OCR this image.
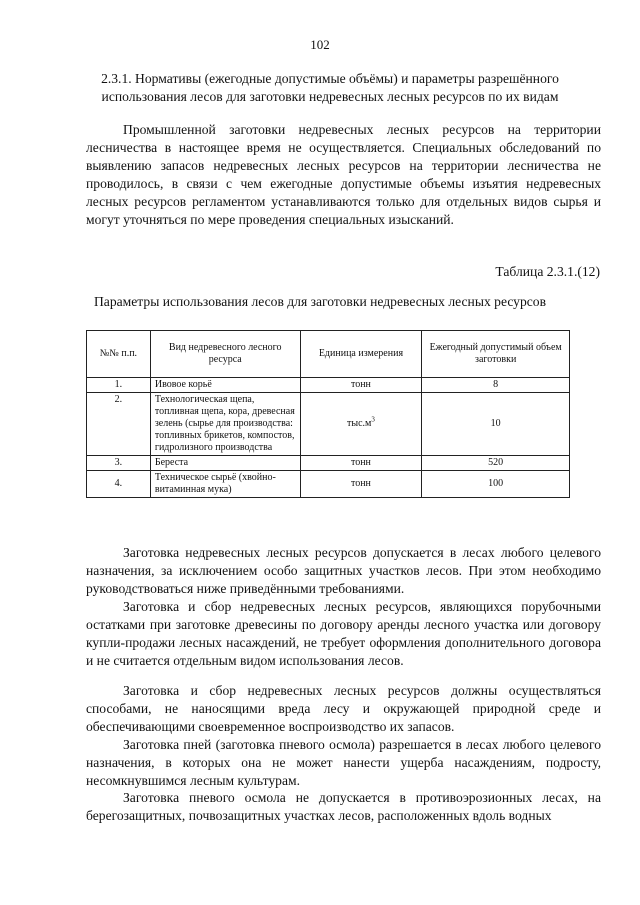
102
2.3.1. Нормативы (ежегодные допустимые объёмы) и параметры разрешённого использования лесов для заготовки недревесных лесных ресурсов по их видам

Промышленной заготовки недревесных лесных ресурсов на территории лесничества в настоящее время не осуществляется. Специальных обследований по выявлению запасов недревесных лесных ресурсов на территории лесничества не проводилось, в связи с чем ежегодные допустимые объемы изъятия недревесных лесных ресурсов регламентом устанавливаются только для отдельных видов сырья и могут уточняться по мере проведения специальных изысканий.

Таблица 2.3.1.(12)
Параметры использования лесов для заготовки недревесных лесных ресурсов
№№ п.п.	Вид недревесного лесного ресурса	Единица измерения	Ежегодный допустимый объем заготовки
1.	Ивовое корьё	тонн	8
2.	Технологическая щепа, топливная щепа, кора, древесная зелень (сырье для производства: топливных брикетов, компостов, гидролизного производства	$тыс.м^3$	10
3.	Береста	тонн	520
4.	Техническое сырьё (хвойно-витаминная мука)	тонн	100

Заготовка недревесных лесных ресурсов допускается в лесах любого целевого назначения, за исключением особо защитных участков лесов. При этом необходимо руководствоваться ниже приведёнными требованиями.

Заготовка и сбор недревесных лесных ресурсов, являющихся порубочными остатками при заготовке древесины по договору аренды лесного участка или договору купли-продажи лесных насаждений, не требует оформления дополнительного договора и не считается отдельным видом использования лесов.

Заготовка и сбор недревесных лесных ресурсов должны осуществляться способами, не наносящими вреда лесу и окружающей природной среде и обеспечивающими своевременное воспроизводство их запасов.

Заготовка пней (заготовка пневого осмола) разрешается в лесах любого целевого назначения, в которых она не может нанести ущерба насаждениям, подросту, несомкнувшимся лесным культурам.

Заготовка пневого осмола не допускается в противоэрозионных лесах, на берегозащитных, почвозащитных участках лесов, расположенных вдоль водных
